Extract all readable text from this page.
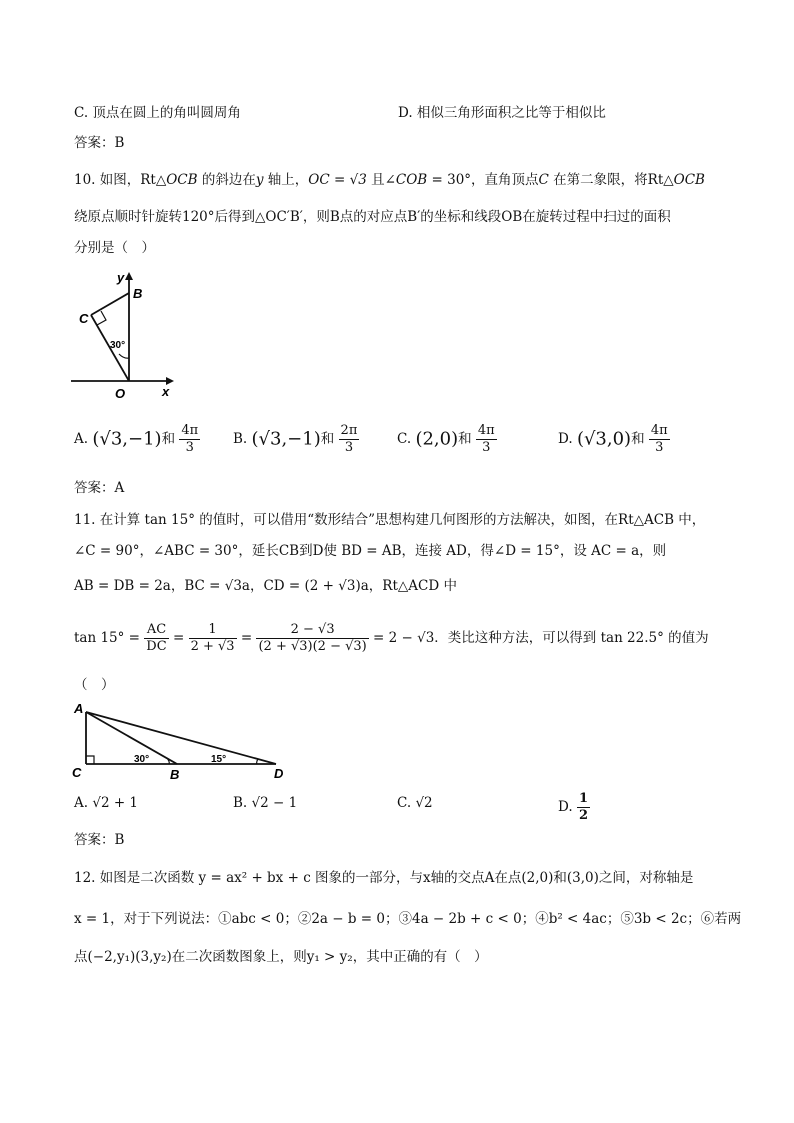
C. 顶点在圆上的角叫圆周角	D. 相似三角形面积之比等于相似比
答案：B
10. 如图，Rt△OCB 的斜边在y 轴上，OC = √3 且∠COB = 30°，直角顶点C 在第二象限，将Rt△OCB
绕原点顺时针旋转120°后得到△OC′B′，则B点的对应点B′的坐标和线段OB在旋转过程中扫过的面积
分别是（　）
y
B
C
30°
O	x
A. (√3,−1)和 $\frac{4\pi}{3} B$. (√3,−1)和 $\frac{2\pi}{3}$	C. (2,0)和 $\frac{4\pi}{3}$	D. (√3,0)和 $\frac{4\pi}{3}$
答案：A
11. 在计算 tan 15° 的值时，可以借用“数形结合”思想构建几何图形的方法解决，如图，在Rt△ACB 中，
∠C = 90°，∠ABC = 30°，延长CB到D使 BD = AB，连接 AD，得∠D = 15°，设 AC = a，则
AB = DB = 2a，BC = √3a，CD = (2 + √3)a，Rt△ACD 中
$\tan 15^\circ = \frac{AC}{DC} = \frac{1}{2 + √3} = \frac{2 - √3}{(2 + √3)(2 - √3)} = 2 - √3$．类比这种方法，可以得到 tan 22.5° 的值为
（　）
A
C	B	D
30°	15°
A. √2 + 1	B. √2 − 1	C. √2	D. $\frac{1}{2}$
答案：B
12. 如图是二次函数 y = ax² + bx + c 图象的一部分，与x轴的交点A在点(2,0)和(3,0)之间，对称轴是
x = 1，对于下列说法：①abc < 0；②2a − b = 0；③4a − 2b + c < 0；④b² < 4ac；⑤3b < 2c；⑥若两
点(−2,y₁)(3,y₂)在二次函数图象上，则y₁ > y₂，其中正确的有（　）
